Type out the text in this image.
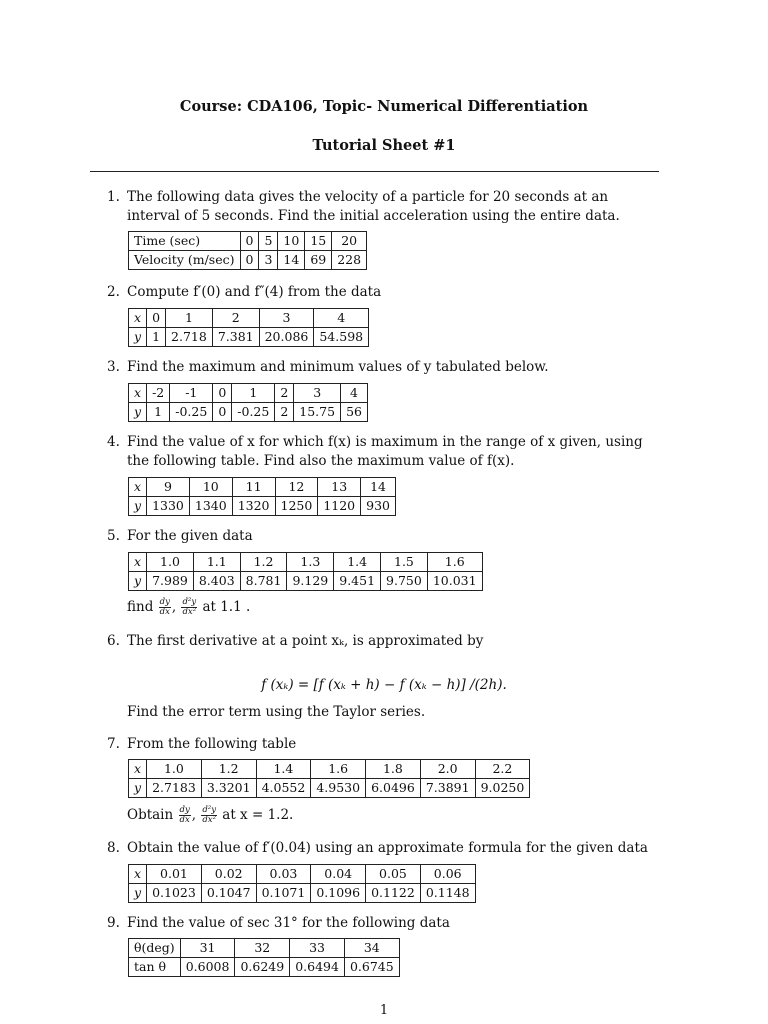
Course: CDA106, Topic- Numerical Differentiation
Tutorial Sheet #1
1. The following data gives the velocity of a particle for 20 seconds at an interval of 5 seconds. Find the initial acceleration using the entire data.
Time (sec)	0	5	10	15	20
Velocity (m/sec)	0	3	14	69	228
2. Compute f′(0) and f″(4) from the data
x	0	1	2	3	4
y	1	2.718	7.381	20.086	54.598
3. Find the maximum and minimum values of y tabulated below.
x	-2	-1	0	1	2	3	4
y	1	-0.25	0	-0.25	2	15.75	56
4. Find the value of x for which f(x) is maximum in the range of x given, using the following table. Find also the maximum value of f(x).
x	9	10	11	12	13	14
y	1330	1340	1320	1250	1120	930
5. For the given data
x	1.0	1.1	1.2	1.3	1.4	1.5	1.6
y	7.989	8.403	8.781	9.129	9.451	9.750	10.031
find $\frac{dy}{dx}$ , $\frac{\text{d²y}}{\text{dx²}}$ at 1.1 .
6. The first derivative at a point xₖ, is approximated by
f (xₖ) = [f (xₖ + h) − f (xₖ − h)] /(2h).
Find the error term using the Taylor series.
7. From the following table
x	1.0	1.2	1.4	1.6	1.8	2.0	2.2
y	2.7183	3.3201	4.0552	4.9530	6.0496	7.3891	9.0250
Obtain $\frac{dy}{dx}$ , $\frac{\text{d²y}}{\text{dx²}}$ at x = 1.2.
8. Obtain the value of f′(0.04) using an approximate formula for the given data
x	0.01	0.02	0.03	0.04	0.05	0.06
y	0.1023	0.1047	0.1071	0.1096	0.1122	0.1148
9. Find the value of sec 31° for the following data
θ(deg)	31	32	33	34
tan θ	0.6008	0.6249	0.6494	0.6745
1
